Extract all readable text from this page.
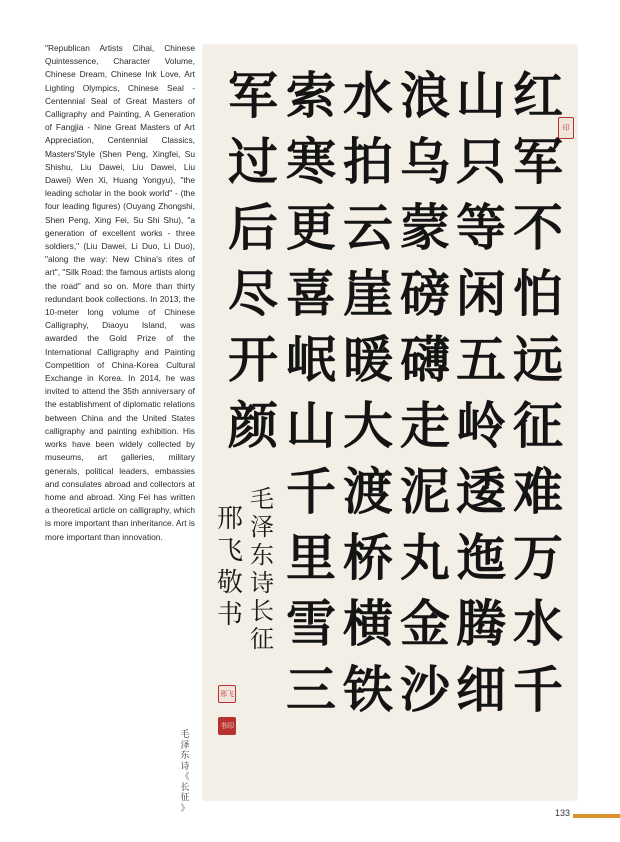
"Republican Artists Cihai, Chinese Quintessence, Character Volume, Chinese Dream, Chinese Ink Love, Art Lighting Olympics, Chinese Seal - Centennial Seal of Great Masters of Calligraphy and Painting, A Generation of Fangjia - Nine Great Masters of Art Appreciation, Centennial Classics, Masters'Style (Shen Peng, Xingfei, Su Shishu, Liu Dawei, Liu Dawei, Liu Dawei) Wen Xi, Huang Yongyu), "the leading scholar in the book world" - (the four leading figures) (Ouyang Zhongshi, Shen Peng, Xing Fei, Su Shi Shu), "a generation of excellent works - three soldiers," (Liu Dawei, Li Duo, Li Duo), "along the way: New China's rites of art", "Silk Road: the famous artists along the road" and so on. More than thirty redundant book collections. In 2013, the 10-meter long volume of Chinese Calligraphy, Diaoyu Island, was awarded the Gold Prize of the International Calligraphy and Painting Competition of China-Korea Cultural Exchange in Korea. In 2014, he was invited to attend the 35th anniversary of the establishment of diplomatic relations between China and the United States calligraphy and painting exhibition. His works have been widely collected by museums, art galleries, military generals, political leaders, embassies and consulates abroad and collectors at home and abroad. Xing Fei has written a theoretical article on calligraphy, which is more important than inheritance. Art is more important than innovation.
红
军
不
怕
远
征
难
万
水
千
山
只
等
闲
五
岭
逶
迤
腾
细
浪
乌
蒙
磅
礴
走
泥
丸
金
沙
水
拍
云
崖
暖
大
渡
桥
横
铁
索
寒
更
喜
岷
山
千
里
雪
三
军
过
后
尽
开
颜
毛
泽
东
诗
长
征
邢
飞
敬
书
印
邢飞
书印
毛
泽
东
诗
《
长
征
》	133
